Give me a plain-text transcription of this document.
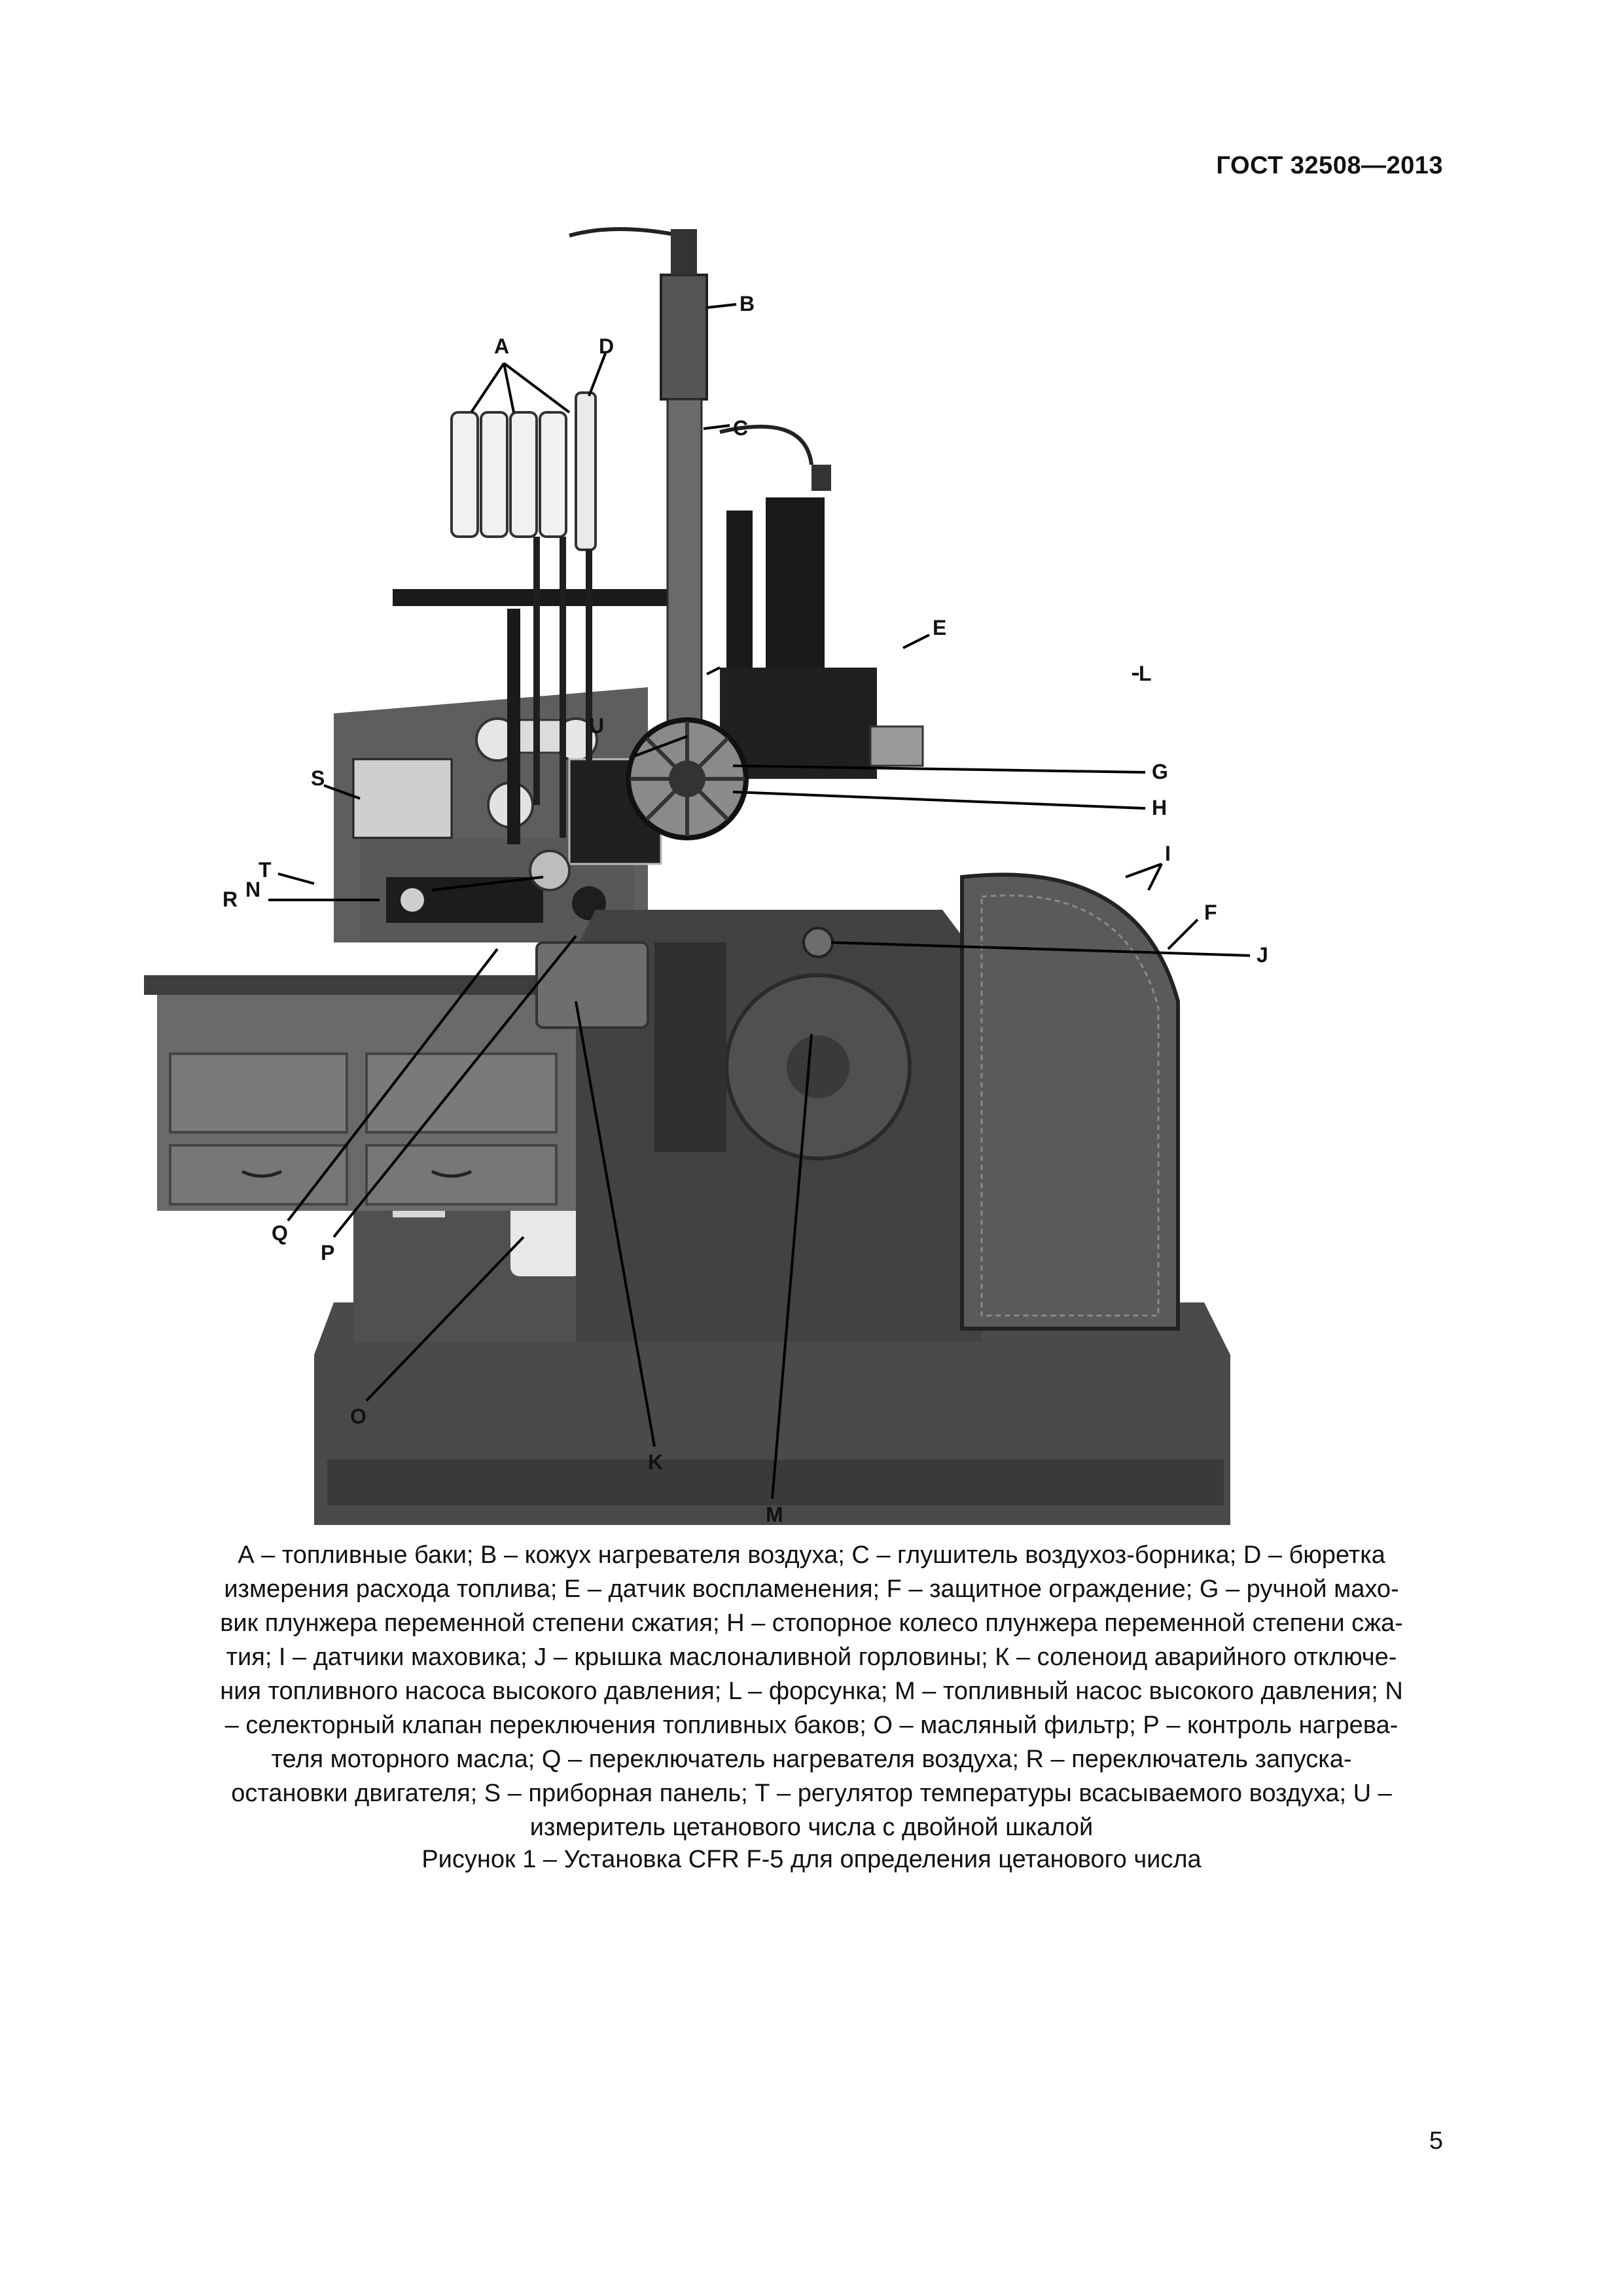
ГОСТ 32508—2013
A	D
B
C
U
S
T
N
R
E
L
G
H
I
F
J
Q
P
O
K
M
А – топливные баки; В – кожух нагревателя воздуха; С – глушитель воздухоз-борника; D – бюретка
измерения расхода топлива; Е – датчик воспламенения; F – защитное ограждение; G – ручной махо-
вик плунжера переменной степени сжатия; Н – стопорное колесо плунжера переменной степени сжа-
тия; I – датчики маховика; J – крышка маслоналивной горловины; К – соленоид аварийного отключе-
ния топливного насоса высокого давления; L – форсунка; М – топливный насос высокого давления; N
– селекторный клапан переключения топливных баков; О – масляный фильтр; Р – контроль нагрева-
теля моторного масла; Q – переключатель нагревателя воздуха; R – переключатель запуска-
остановки двигателя; S – приборная панель; Т – регулятор температуры всасываемого воздуха; U –
измеритель цетанового числа с двойной шкалой
Рисунок 1 – Установка CFR F-5 для определения цетанового числа
5
